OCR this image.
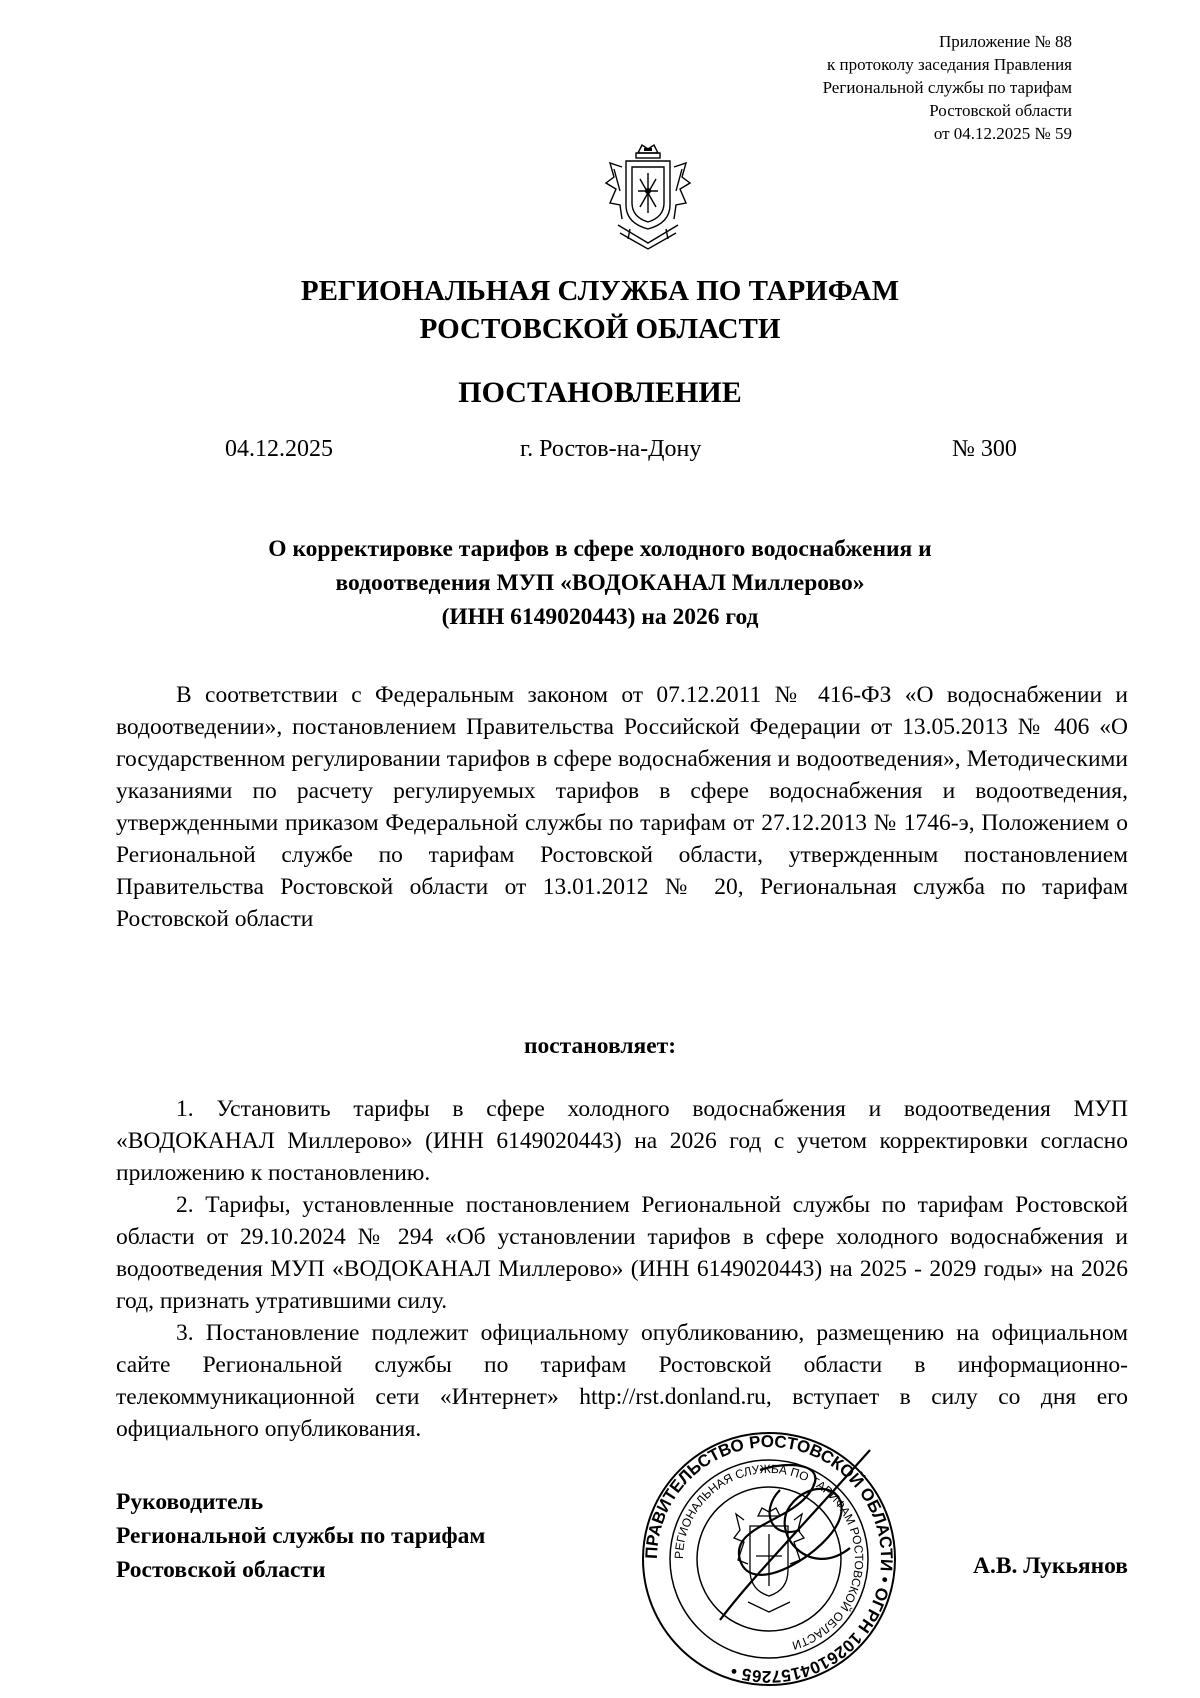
Приложение № 88
к протоколу заседания Правления
Региональной службы по тарифам
Ростовской области
от 04.12.2025 № 59
РЕГИОНАЛЬНАЯ СЛУЖБА ПО ТАРИФАМ
РОСТОВСКОЙ ОБЛАСТИ
ПОСТАНОВЛЕНИЕ
04.12.2025	г. Ростов-на-Дону	№ 300
О корректировке тарифов в сфере холодного водоснабжения и
водоотведения МУП «ВОДОКАНАЛ Миллерово»
(ИНН 6149020443) на 2026 год

В соответствии с Федеральным законом от 07.12.2011 № 416-ФЗ «О водоснабжении и водоотведении», постановлением Правительства Российской Федерации от 13.05.2013 № 406 «О государственном регулировании тарифов в сфере водоснабжения и водоотведения», Методическими указаниями по расчету регулируемых тарифов в сфере водоснабжения и водоотведения, утвержденными приказом Федеральной службы по тарифам от 27.12.2013 № 1746-э, Положением о Региональной службе по тарифам Ростовской области, утвержденным постановлением Правительства Ростовской области от 13.01.2012 № 20, Региональная служба по тарифам Ростовской области

постановляет:

1. Установить тарифы в сфере холодного водоснабжения и водоотведения МУП «ВОДОКАНАЛ Миллерово» (ИНН 6149020443) на 2026 год с учетом корректировки согласно приложению к постановлению.

2. Тарифы, установленные постановлением Региональной службы по тарифам Ростовской области от 29.10.2024 № 294 «Об установлении тарифов в сфере холодного водоснабжения и водоотведения МУП «ВОДОКАНАЛ Миллерово» (ИНН 6149020443) на 2025 - 2029 годы» на 2026 год, признать утратившими силу.

3. Постановление подлежит официальному опубликованию, размещению на официальном сайте Региональной службы по тарифам Ростовской области в информационно-телекоммуникационной сети «Интернет» http://rst.donland.ru, вступает в силу со дня его официального опубликования.

Руководитель
Региональной службы по тарифам
Ростовской области
ПРАВИТЕЛЬСТВО РОСТОВСКОЙ ОБЛАСТИ • ОГРН 1026104157265 •
РЕГИОНАЛЬНАЯ СЛУЖБА ПО ТАРИФАМ РОСТОВСКОЙ ОБЛАСТИ
А.В. Лукьянов
